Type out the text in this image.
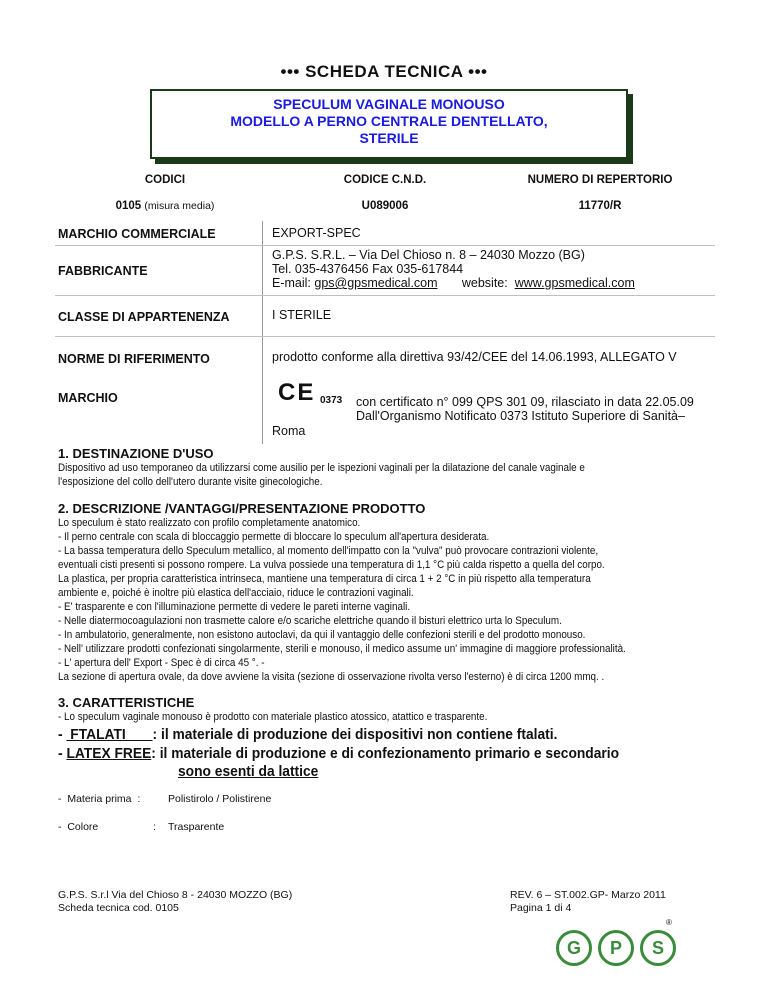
••• SCHEDA TECNICA •••
SPECULUM VAGINALE MONOUSO
MODELLO A PERNO CENTRALE DENTELLATO,
STERILE
CODICI	CODICE C.N.D.	NUMERO DI REPERTORIO
0105 (misura media)	U089006	11770/R
MARCHIO COMMERCIALE	EXPORT-SPEC
FABBRICANTE
G.P.S. S.R.L. – Via Del Chioso n. 8 – 24030 Mozzo (BG)
Tel. 035-4376456 Fax 035-617844
E-mail: gps@gpsmedical.com website: www.gpsmedical.com
CLASSE DI APPARTENENZA	I STERILE
NORME DI RIFERIMENTO	prodotto conforme alla direttiva 93/42/CEE del 14.06.1993, ALLEGATO V
MARCHIO	CE 0373 con certificato n° 099 QPS 301 09, rilasciato in data 22.05.09
Dall'Organismo Notificato 0373 Istituto Superiore di Sanità–
Roma
1. DESTINAZIONE D'USO

Dispositivo ad uso temporaneo da utilizzarsi come ausilio per le ispezioni vaginali per la dilatazione del canale vaginale e

l'esposizione del collo dell'utero durante visite ginecologiche.

2. DESCRIZIONE /VANTAGGI/PRESENTAZIONE PRODOTTO

Lo speculum è stato realizzato con profilo completamente anatomico.

- Il perno centrale con scala di bloccaggio permette di bloccare lo speculum all'apertura desiderata.

- La bassa temperatura dello Speculum metallico, al momento dell'impatto con la "vulva" può provocare contrazioni violente,

eventuali cisti presenti si possono rompere. La vulva possiede una temperatura di 1,1 °C più calda rispetto a quella del corpo.

La plastica, per propria caratteristica intrinseca, mantiene una temperatura di circa 1 + 2 °C in più rispetto alla temperatura

ambiente e, poiché è inoltre più elastica dell'acciaio, riduce le contrazioni vaginali.

- E' trasparente e con l'illuminazione permette di vedere le pareti interne vaginali.

- Nelle diatermocoagulazioni non trasmette calore e/o scariche elettriche quando il bisturi elettrico urta lo Speculum.

- In ambulatorio, generalmente, non esistono autoclavi, da qui il vantaggio delle confezioni sterili e del prodotto monouso.

- Nell' utilizzare prodotti confezionati singolarmente, sterili e monouso, il medico assume un' immagine di maggiore professionalità.

- L' apertura dell' Export - Spec è di circa 45 °. -

La sezione di apertura ovale, da dove avviene la visita (sezione di osservazione rivolta verso l'esterno) è di circa 1200 mmq. .

3. CARATTERISTICHE

- Lo speculum vaginale monouso è prodotto con materiale plastico atossico, atattico e trasparente.

-  FTALATI       : il materiale di produzione dei dispositivi non contiene ftalati.
- LATEX FREE: il materiale di produzione e di confezionamento primario e secondario
sono esenti da lattice
-  Materia prima  :	Polistirolo / Polistirene
-  Colore	: Trasparente
G.P.S. S.r.l Via del Chioso 8 - 24030 MOZZO (BG)
Scheda tecnica cod. 0105
REV. 6 – ST.002.GP- Marzo 2011
Pagina 1 di 4
G	P	S
®
